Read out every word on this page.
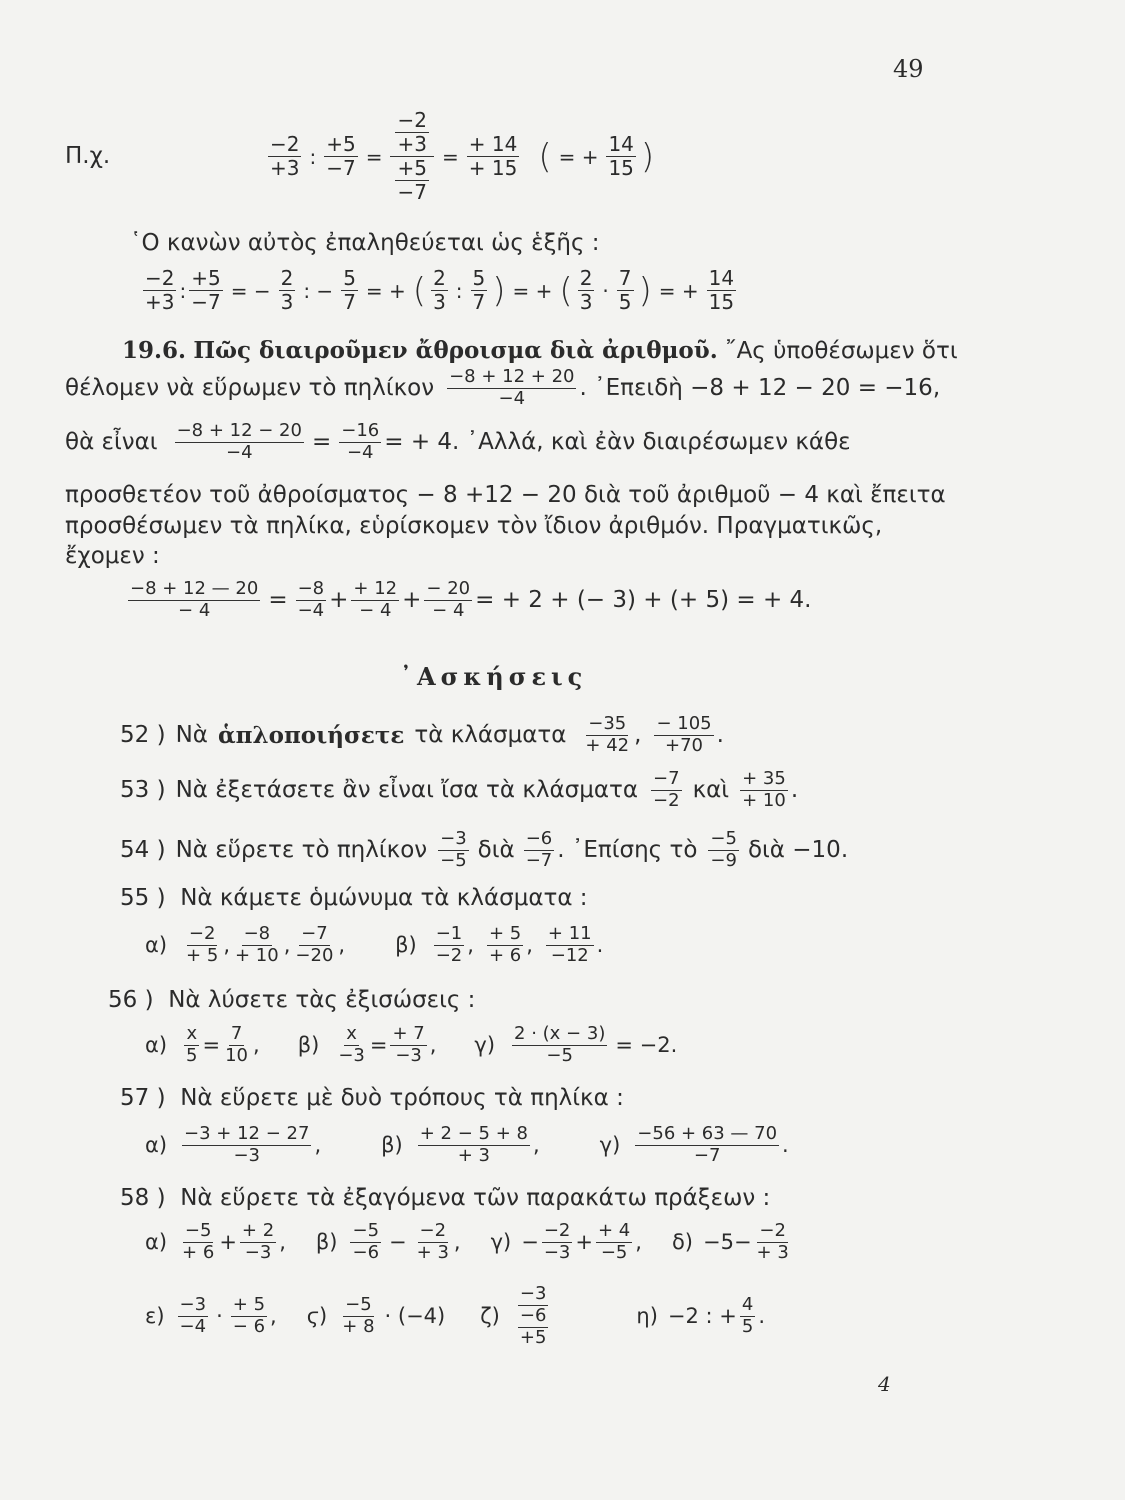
49
Π.χ.	$\frac{-2}{+3}$ : $\frac{+5}{-7} = \frac{\frac{-2}{+3}}{\frac{+5}{-7}} = \frac{+ 14}{+ 15}$ ( = + $\frac{14}{15}$ )
῾Ο κανὼν αὐτὸς ἐπαληθεύεται ὡς ἑξῆς :
$\frac{-2}{+3}$ : $\frac{+5}{-7}$ = − $\frac{2}{3}$ : − $\frac{5}{7}$ = + ( $\frac{2}{3}$ : $\frac{5}{7}$ ) = + ( $\frac{2}{3} \cdot \frac{7}{5}$ ) = + $\frac{14}{15}$
19.6. Πῶς διαιροῦμεν ἄθροισμα διὰ ἀριθμοῦ. ῎Ας ὑποθέσωμεν ὅτι
θέλομεν νὰ εὕρωμεν τὸ πηλίκον $\frac{-8 + 12 + 20}{-4}$ . ᾿Επειδὴ −8 + 12 − 20 = −16,
θὰ εἶναι $\frac{-8 + 12 - 20}{-4} = \frac{-16}{-4}$ = + 4. ᾿Αλλά, καὶ ἐὰν διαιρέσωμεν κάθε
προσθετέον τοῦ ἀθροίσματος − 8 +12 − 20 διὰ τοῦ ἀριθμοῦ − 4 καὶ ἔπειτα
προσθέσωμεν τὰ πηλίκα, εὑρίσκομεν τὸν ἴδιον ἀριθμόν. Πραγματικῶς,
ἔχομεν :
$\frac{-8 + 12 — 20}{- 4} = \frac{-8}{-4} + \frac{+ 12}{- 4} + \frac{- 20}{- 4}$ = + 2 + (− 3) + (+ 5) = + 4.
᾿Ασκήσεις
52 ) Νὰ ἁπλοποιήσετε τὰ κλάσματα $\frac{-35}{+ 42}$ , $\frac{- 105}{+70}$ .
53 ) Νὰ ἐξετάσετε ἂν εἶναι ἴσα τὰ κλάσματα $\frac{-7}{-2}$ καὶ $\frac{+ 35}{+ 10}$ .
54 ) Νὰ εὕρετε τὸ πηλίκον $\frac{-3}{-5}$ διὰ $\frac{-6}{-7}$ . ᾿Επίσης τὸ $\frac{-5}{-9}$ διὰ −10.
55 ) Νὰ κάμετε ὁμώνυμα τὰ κλάσματα :
$\alpha) \frac{-2}{+ 5}$ , $\frac{-8}{+ 10}$ , $\frac{-7}{-20}$ , $\beta) \frac{-1}{-2}$ , $\frac{+ 5}{+ 6}$ , $\frac{+ 11}{-12}$ .
56 ) Νὰ λύσετε τὰς ἐξισώσεις :
$\alpha) \frac{x}{5} = \frac{7}{10}$ , $\beta) \frac{x}{-3} = \frac{+ 7}{-3}$ , $\gamma) \frac{2 \cdot (x - 3)}{-5} = -2$.
57 ) Νὰ εὕρετε μὲ δυὸ τρόπους τὰ πηλίκα :
$\alpha) \frac{-3 + 12 - 27}{-3}$ ,	$\beta) \frac{+ 2 - 5 + 8}{+ 3}$ ,	$\gamma) \frac{-56 + 63 — 70}{-7}$ .
58 ) Νὰ εὕρετε τὰ ἐξαγόμενα τῶν παρακάτω πράξεων :
$\alpha) \frac{-5}{+ 6} + \frac{+ 2}{-3}$ , $\beta) \frac{-5}{-6} - \frac{-2}{+ 3}$ , $\gamma) - \frac{-2}{-3} + \frac{+ 4}{-5}$ , $\delta) -5- \frac{-2}{+ 3}$
$\varepsilon) \frac{-3}{-4} \cdot \frac{+ 5}{- 6}$ , $ϛ) \frac{-5}{+ 8} \cdot (-4)$ $\zeta) \frac{-3}{\frac{-6}{+5}}$	η) −2 : + $\frac{4}{5}$ .
4
